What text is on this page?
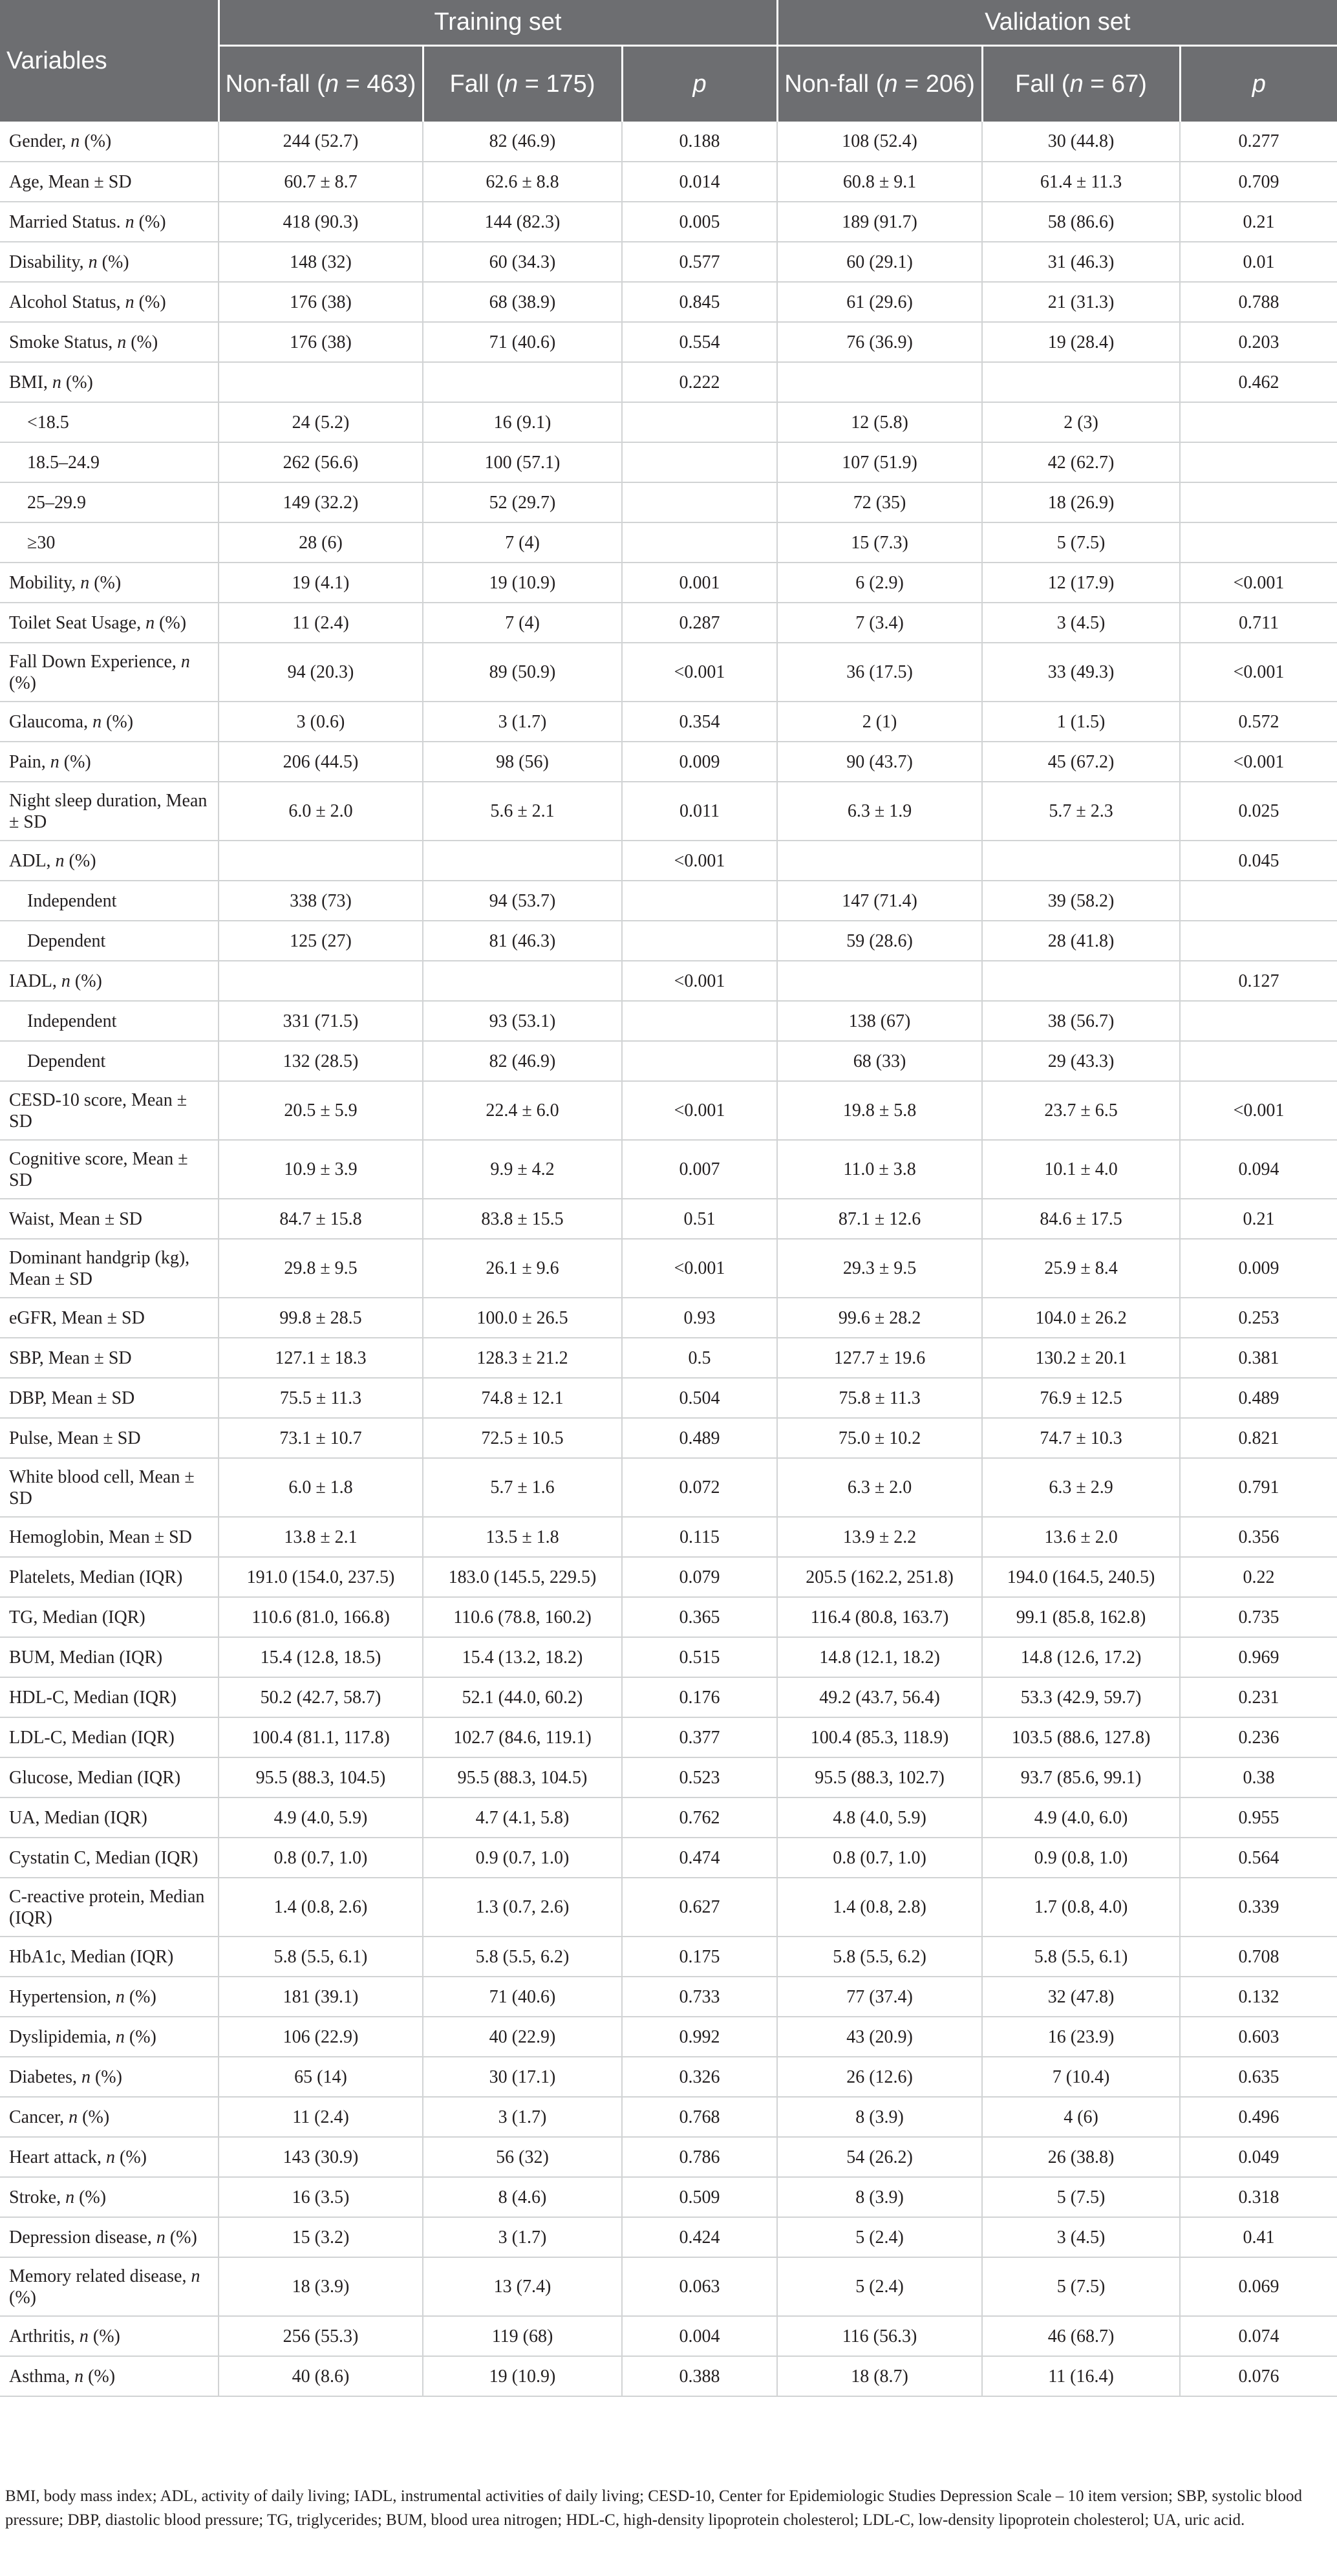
Variables	Training set			Validation set		
	Non-fall (n = 463)	Fall (n = 175)	p	Non-fall (n = 206)	Fall (n = 67)	p
Gender, n (%)	244 (52.7)	82 (46.9)	0.188	108 (52.4)	30 (44.8)	0.277
Age, Mean ± SD	60.7 ± 8.7	62.6 ± 8.8	0.014	60.8 ± 9.1	61.4 ± 11.3	0.709
Married Status. n (%)	418 (90.3)	144 (82.3)	0.005	189 (91.7)	58 (86.6)	0.21
Disability, n (%)	148 (32)	60 (34.3)	0.577	60 (29.1)	31 (46.3)	0.01
Alcohol Status, n (%)	176 (38)	68 (38.9)	0.845	61 (29.6)	21 (31.3)	0.788
Smoke Status, n (%)	176 (38)	71 (40.6)	0.554	76 (36.9)	19 (28.4)	0.203
BMI, n (%)			0.222			0.462
<18.5	24 (5.2)	16 (9.1)		12 (5.8)	2 (3)	
18.5–24.9	262 (56.6)	100 (57.1)		107 (51.9)	42 (62.7)	
25–29.9	149 (32.2)	52 (29.7)		72 (35)	18 (26.9)	
≥30	28 (6)	7 (4)		15 (7.3)	5 (7.5)	
Mobility, n (%)	19 (4.1)	19 (10.9)	0.001	6 (2.9)	12 (17.9)	<0.001
Toilet Seat Usage, n (%)	11 (2.4)	7 (4)	0.287	7 (3.4)	3 (4.5)	0.711
Fall Down Experience, n (%)	94 (20.3)	89 (50.9)	<0.001	36 (17.5)	33 (49.3)	<0.001
Glaucoma, n (%)	3 (0.6)	3 (1.7)	0.354	2 (1)	1 (1.5)	0.572
Pain, n (%)	206 (44.5)	98 (56)	0.009	90 (43.7)	45 (67.2)	<0.001
Night sleep duration, Mean ± SD	6.0 ± 2.0	5.6 ± 2.1	0.011	6.3 ± 1.9	5.7 ± 2.3	0.025
ADL, n (%)			<0.001			0.045
Independent	338 (73)	94 (53.7)		147 (71.4)	39 (58.2)	
Dependent	125 (27)	81 (46.3)		59 (28.6)	28 (41.8)	
IADL, n (%)			<0.001			0.127
Independent	331 (71.5)	93 (53.1)		138 (67)	38 (56.7)	
Dependent	132 (28.5)	82 (46.9)		68 (33)	29 (43.3)	
CESD-10 score, Mean ± SD	20.5 ± 5.9	22.4 ± 6.0	<0.001	19.8 ± 5.8	23.7 ± 6.5	<0.001
Cognitive score, Mean ± SD	10.9 ± 3.9	9.9 ± 4.2	0.007	11.0 ± 3.8	10.1 ± 4.0	0.094
Waist, Mean ± SD	84.7 ± 15.8	83.8 ± 15.5	0.51	87.1 ± 12.6	84.6 ± 17.5	0.21
Dominant handgrip (kg), Mean ± SD	29.8 ± 9.5	26.1 ± 9.6	<0.001	29.3 ± 9.5	25.9 ± 8.4	0.009
eGFR, Mean ± SD	99.8 ± 28.5	100.0 ± 26.5	0.93	99.6 ± 28.2	104.0 ± 26.2	0.253
SBP, Mean ± SD	127.1 ± 18.3	128.3 ± 21.2	0.5	127.7 ± 19.6	130.2 ± 20.1	0.381
DBP, Mean ± SD	75.5 ± 11.3	74.8 ± 12.1	0.504	75.8 ± 11.3	76.9 ± 12.5	0.489
Pulse, Mean ± SD	73.1 ± 10.7	72.5 ± 10.5	0.489	75.0 ± 10.2	74.7 ± 10.3	0.821
White blood cell, Mean ± SD	6.0 ± 1.8	5.7 ± 1.6	0.072	6.3 ± 2.0	6.3 ± 2.9	0.791
Hemoglobin, Mean ± SD	13.8 ± 2.1	13.5 ± 1.8	0.115	13.9 ± 2.2	13.6 ± 2.0	0.356
Platelets, Median (IQR)	191.0 (154.0, 237.5)	183.0 (145.5, 229.5)	0.079	205.5 (162.2, 251.8)	194.0 (164.5, 240.5)	0.22
TG, Median (IQR)	110.6 (81.0, 166.8)	110.6 (78.8, 160.2)	0.365	116.4 (80.8, 163.7)	99.1 (85.8, 162.8)	0.735
BUM, Median (IQR)	15.4 (12.8, 18.5)	15.4 (13.2, 18.2)	0.515	14.8 (12.1, 18.2)	14.8 (12.6, 17.2)	0.969
HDL-C, Median (IQR)	50.2 (42.7, 58.7)	52.1 (44.0, 60.2)	0.176	49.2 (43.7, 56.4)	53.3 (42.9, 59.7)	0.231
LDL-C, Median (IQR)	100.4 (81.1, 117.8)	102.7 (84.6, 119.1)	0.377	100.4 (85.3, 118.9)	103.5 (88.6, 127.8)	0.236
Glucose, Median (IQR)	95.5 (88.3, 104.5)	95.5 (88.3, 104.5)	0.523	95.5 (88.3, 102.7)	93.7 (85.6, 99.1)	0.38
UA, Median (IQR)	4.9 (4.0, 5.9)	4.7 (4.1, 5.8)	0.762	4.8 (4.0, 5.9)	4.9 (4.0, 6.0)	0.955
Cystatin C, Median (IQR)	0.8 (0.7, 1.0)	0.9 (0.7, 1.0)	0.474	0.8 (0.7, 1.0)	0.9 (0.8, 1.0)	0.564
C-reactive protein, Median (IQR)	1.4 (0.8, 2.6)	1.3 (0.7, 2.6)	0.627	1.4 (0.8, 2.8)	1.7 (0.8, 4.0)	0.339
HbA1c, Median (IQR)	5.8 (5.5, 6.1)	5.8 (5.5, 6.2)	0.175	5.8 (5.5, 6.2)	5.8 (5.5, 6.1)	0.708
Hypertension, n (%)	181 (39.1)	71 (40.6)	0.733	77 (37.4)	32 (47.8)	0.132
Dyslipidemia, n (%)	106 (22.9)	40 (22.9)	0.992	43 (20.9)	16 (23.9)	0.603
Diabetes, n (%)	65 (14)	30 (17.1)	0.326	26 (12.6)	7 (10.4)	0.635
Cancer, n (%)	11 (2.4)	3 (1.7)	0.768	8 (3.9)	4 (6)	0.496
Heart attack, n (%)	143 (30.9)	56 (32)	0.786	54 (26.2)	26 (38.8)	0.049
Stroke, n (%)	16 (3.5)	8 (4.6)	0.509	8 (3.9)	5 (7.5)	0.318
Depression disease, n (%)	15 (3.2)	3 (1.7)	0.424	5 (2.4)	3 (4.5)	0.41
Memory related disease, n (%)	18 (3.9)	13 (7.4)	0.063	5 (2.4)	5 (7.5)	0.069
Arthritis, n (%)	256 (55.3)	119 (68)	0.004	116 (56.3)	46 (68.7)	0.074
Asthma, n (%)	40 (8.6)	19 (10.9)	0.388	18 (8.7)	11 (16.4)	0.076
BMI, body mass index; ADL, activity of daily living; IADL, instrumental activities of daily living; CESD-10, Center for Epidemiologic Studies Depression Scale – 10 item version; SBP, systolic blood pressure; DBP, diastolic blood pressure; TG, triglycerides; BUM, blood urea nitrogen; HDL-C, high-density lipoprotein cholesterol; LDL-C, low-density lipoprotein cholesterol; UA, uric acid.
